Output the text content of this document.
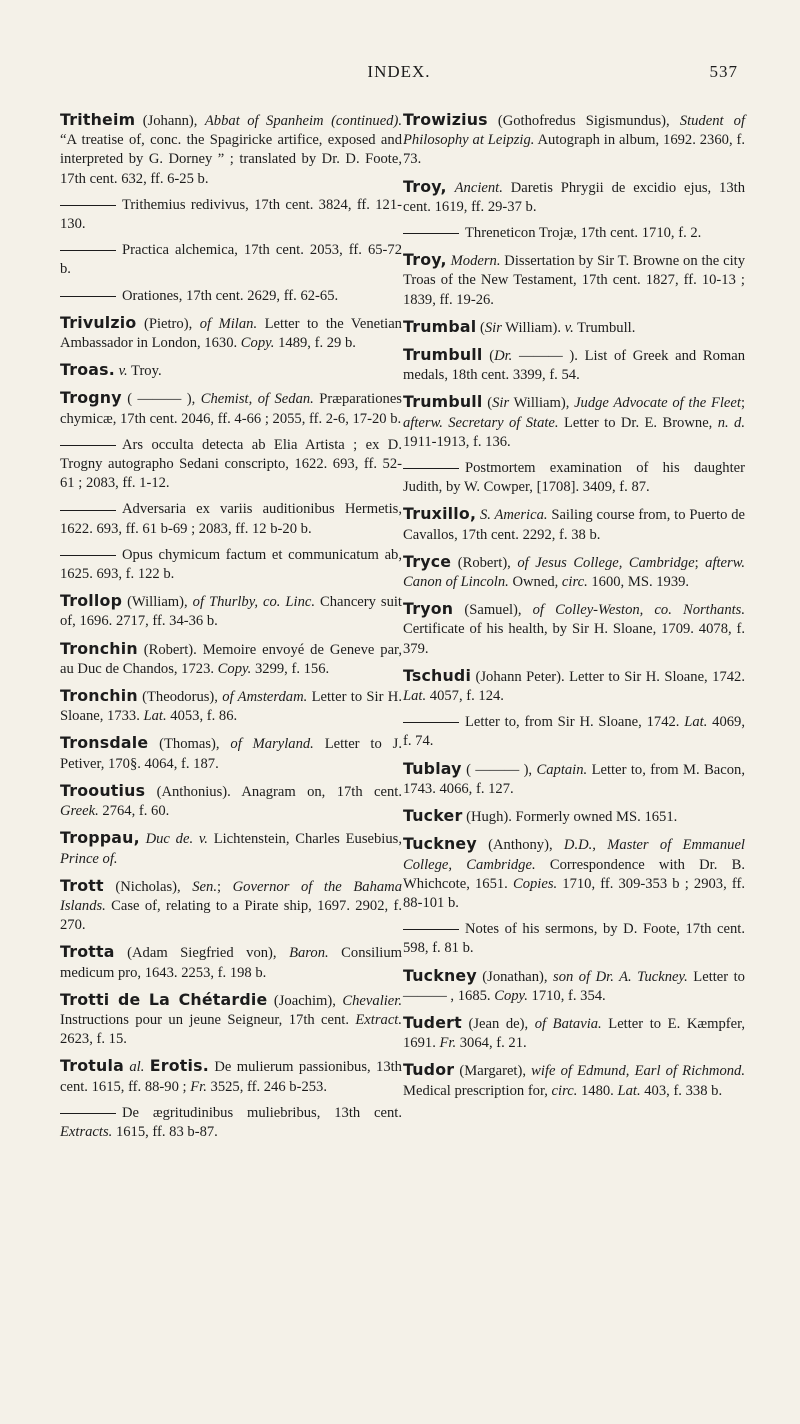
INDEX.	537
Tritheim (Johann), Abbat of Spanheim (continued). “A treatise of, conc. the Spagiricke artifice, exposed and interpreted by G. Dorney ” ; translated by Dr. D. Foote, 17th cent. 632, ff. 6-25 b.
Trithemius redivivus, 17th cent. 3824, ff. 121-130.
Practica alchemica, 17th cent. 2053, ff. 65-72 b.
Orationes, 17th cent. 2629, ff. 62-65.
Trivulzio (Pietro), of Milan. Letter to the Venetian Ambassador in London, 1630. Copy. 1489, f. 29 b.
Troas. v. Troy.
Trogny ( ——— ), Chemist, of Sedan. Præparationes chymicæ, 17th cent. 2046, ff. 4-66 ; 2055, ff. 2-6, 17-20 b.
Ars occulta detecta ab Elia Artista ; ex D. Trogny autographo Sedani conscripto, 1622. 693, ff. 52-61 ; 2083, ff. 1-12.
Adversaria ex variis auditionibus Hermetis, 1622. 693, ff. 61 b-69 ; 2083, ff. 12 b-20 b.
Opus chymicum factum et communicatum ab, 1625. 693, f. 122 b.
Trollop (William), of Thurlby, co. Linc. Chancery suit of, 1696. 2717, ff. 34-36 b.
Tronchin (Robert). Memoire envoyé de Geneve par, au Duc de Chandos, 1723. Copy. 3299, f. 156.
Tronchin (Theodorus), of Amsterdam. Letter to Sir H. Sloane, 1733. Lat. 4053, f. 86.
Tronsdale (Thomas), of Maryland. Letter to J. Petiver, 170§. 4064, f. 187.
Trooutius (Anthonius). Anagram on, 17th cent. Greek. 2764, f. 60.
Troppau, Duc de. v. Lichtenstein, Charles Eusebius, Prince of.
Trott (Nicholas), Sen.; Governor of the Bahama Islands. Case of, relating to a Pirate ship, 1697. 2902, f. 270.
Trotta (Adam Siegfried von), Baron. Consilium medicum pro, 1643. 2253, f. 198 b.
Trotti de La Chétardie (Joachim), Chevalier. Instructions pour un jeune Seigneur, 17th cent. Extract. 2623, f. 15.
Trotula al. Erotis. De mulierum passionibus, 13th cent. 1615, ff. 88-90 ; Fr. 3525, ff. 246 b-253.
De ægritudinibus muliebribus, 13th cent. Extracts. 1615, ff. 83 b-87.
Trowizius (Gothofredus Sigismundus), Student of Philosophy at Leipzig. Autograph in album, 1692. 2360, f. 73.
Troy, Ancient. Daretis Phrygii de excidio ejus, 13th cent. 1619, ff. 29-37 b.
Threneticon Trojæ, 17th cent. 1710, f. 2.
Troy, Modern. Dissertation by Sir T. Browne on the city Troas of the New Testament, 17th cent. 1827, ff. 10-13 ; 1839, ff. 19-26.
Trumbal (Sir William). v. Trumbull.
Trumbull (Dr. ——— ). List of Greek and Roman medals, 18th cent. 3399, f. 54.
Trumbull (Sir William), Judge Advocate of the Fleet; afterw. Secretary of State. Letter to Dr. E. Browne, n. d. 1911-1913, f. 136.
Postmortem examination of his daughter Judith, by W. Cowper, [1708]. 3409, f. 87.
Truxillo, S. America. Sailing course from, to Puerto de Cavallos, 17th cent. 2292, f. 38 b.
Tryce (Robert), of Jesus College, Cambridge; afterw. Canon of Lincoln. Owned, circ. 1600, MS. 1939.
Tryon (Samuel), of Colley-Weston, co. Northants. Certificate of his health, by Sir H. Sloane, 1709. 4078, f. 379.
Tschudi (Johann Peter). Letter to Sir H. Sloane, 1742. Lat. 4057, f. 124.
Letter to, from Sir H. Sloane, 1742. Lat. 4069, f. 74.
Tublay ( ——— ), Captain. Letter to, from M. Bacon, 1743. 4066, f. 127.
Tucker (Hugh). Formerly owned MS. 1651.
Tuckney (Anthony), D.D., Master of Emmanuel College, Cambridge. Correspondence with Dr. B. Whichcote, 1651. Copies. 1710, ff. 309-353 b ; 2903, ff. 88-101 b.
Notes of his sermons, by D. Foote, 17th cent. 598, f. 81 b.
Tuckney (Jonathan), son of Dr. A. Tuckney. Letter to ——— , 1685. Copy. 1710, f. 354.
Tudert (Jean de), of Batavia. Letter to E. Kæmpfer, 1691. Fr. 3064, f. 21.
Tudor (Margaret), wife of Edmund, Earl of Richmond. Medical prescription for, circ. 1480. Lat. 403, f. 338 b.
